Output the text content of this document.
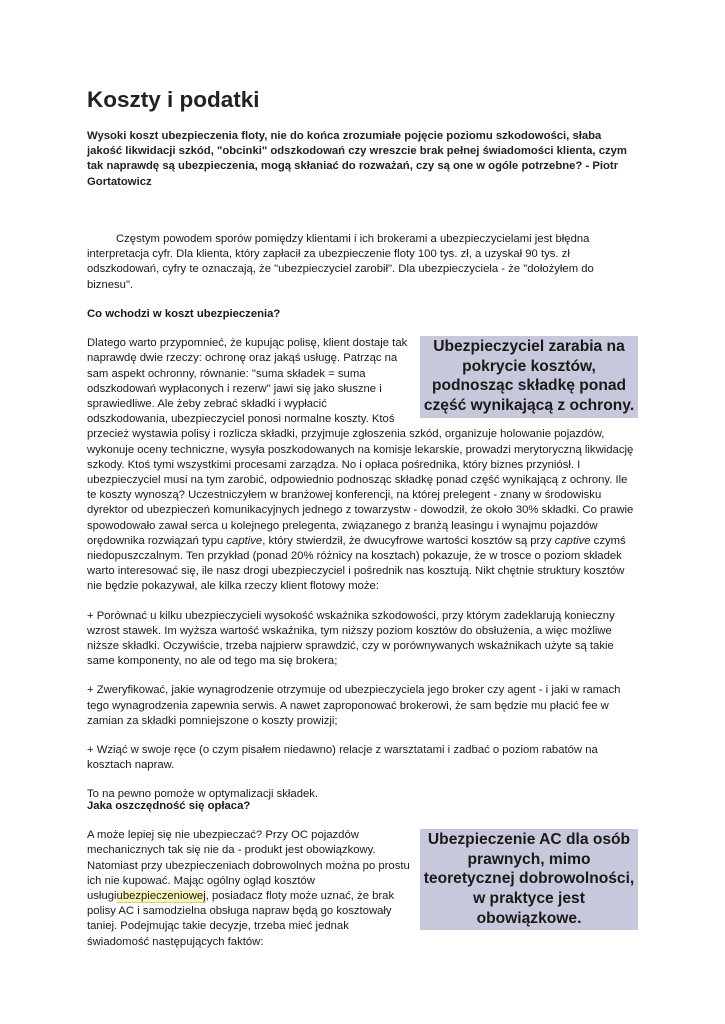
Koszty i podatki

Wysoki koszt ubezpieczenia floty, nie do końca zrozumiałe pojęcie poziomu szkodowości, słaba jakość likwidacji szkód, "obcinki" odszkodowań czy wreszcie brak pełnej świadomości klienta, czym tak naprawdę są ubezpieczenia, mogą skłaniać do rozważań, czy są one w ogóle potrzebne? - Piotr Gortatowicz

Częstym powodem sporów pomiędzy klientami i ich brokerami a ubezpieczycielami jest błędna interpretacja cyfr. Dla klienta, który zapłacił za ubezpieczenie floty 100 tys. zł, a uzyskał 90 tys. zł odszkodowań, cyfry te oznaczają, że "ubezpieczyciel zarobił". Dla ubezpieczyciela - że "dołożyłem do biznesu".

Co wchodzi w koszt ubezpieczenia?

Ubezpieczyciel zarabia na pokrycie kosztów, podnosząc składkę ponad część wynikającą z ochrony.

Dlatego warto przypomnieć, że kupując polisę, klient dostaje tak naprawdę dwie rzeczy: ochronę oraz jakąś usługę. Patrząc na sam aspekt ochronny, równanie: "suma składek = suma odszkodowań wypłaconych i rezerw" jawi się jako słuszne i sprawiedliwe. Ale żeby zebrać składki i wypłacić odszkodowania, ubezpieczyciel ponosi normalne koszty. Ktoś przecież wystawia polisy i rozlicza składki, przyjmuje zgłoszenia szkód, organizuje holowanie pojazdów, wykonuje oceny techniczne, wysyła poszkodowanych na komisje lekarskie, prowadzi merytoryczną likwidację szkody. Ktoś tymi wszystkimi procesami zarządza. No i opłaca pośrednika, który biznes przyniósł. I ubezpieczyciel musi na tym zarobić, odpowiednio podnosząc składkę ponad część wynikającą z ochrony. Ile te koszty wynoszą? Uczestniczyłem w branżowej konferencji, na której prelegent - znany w środowisku dyrektor od ubezpieczeń komunikacyjnych jednego z towarzystw - dowodził, że około 30% składki. Co prawie spowodowało zawał serca u kolejnego prelegenta, związanego z branżą leasingu i wynajmu pojazdów orędownika rozwiązań typu captive, który stwierdził, że dwucyfrowe wartości kosztów są przy captive czymś niedopuszczalnym. Ten przykład (ponad 20% różnicy na kosztach) pokazuje, że w trosce o poziom składek warto interesować się, ile nasz drogi ubezpieczyciel i pośrednik nas kosztują. Nikt chętnie struktury kosztów nie będzie pokazywał, ale kilka rzeczy klient flotowy może:

+ Porównać u kilku ubezpieczycieli wysokość wskaźnika szkodowości, przy którym zadeklarują konieczny wzrost stawek. Im wyższa wartość wskaźnika, tym niższy poziom kosztów do obsłużenia, a więc możliwe niższe składki. Oczywiście, trzeba najpierw sprawdzić, czy w porównywanych wskaźnikach użyte są takie same komponenty, no ale od tego ma się brokera;

+ Zweryfikować, jakie wynagrodzenie otrzymuje od ubezpieczyciela jego broker czy agent - i jaki w ramach tego wynagrodzenia zapewnia serwis. A nawet zaproponować brokerowi, że sam będzie mu płacić fee w zamian za składki pomniejszone o koszty prowizji;

+ Wziąć w swoje ręce (o czym pisałem niedawno) relacje z warsztatami i zadbać o poziom rabatów na kosztach napraw.

To na pewno pomoże w optymalizacji składek.

Jaka oszczędność się opłaca?

Ubezpieczenie AC dla osób prawnych, mimo teoretycznej dobrowolności, w praktyce jest obowiązkowe.

A może lepiej się nie ubezpieczać? Przy OC pojazdów mechanicznych tak się nie da - produkt jest obowiązkowy. Natomiast przy ubezpieczeniach dobrowolnych można po prostu ich nie kupować. Mając ogólny ogląd kosztów usługiubezpieczeniowej, posiadacz floty może uznać, że brak polisy AC i samodzielna obsługa napraw będą go kosztowały taniej. Podejmując takie decyzje, trzeba mieć jednak świadomość następujących faktów:
